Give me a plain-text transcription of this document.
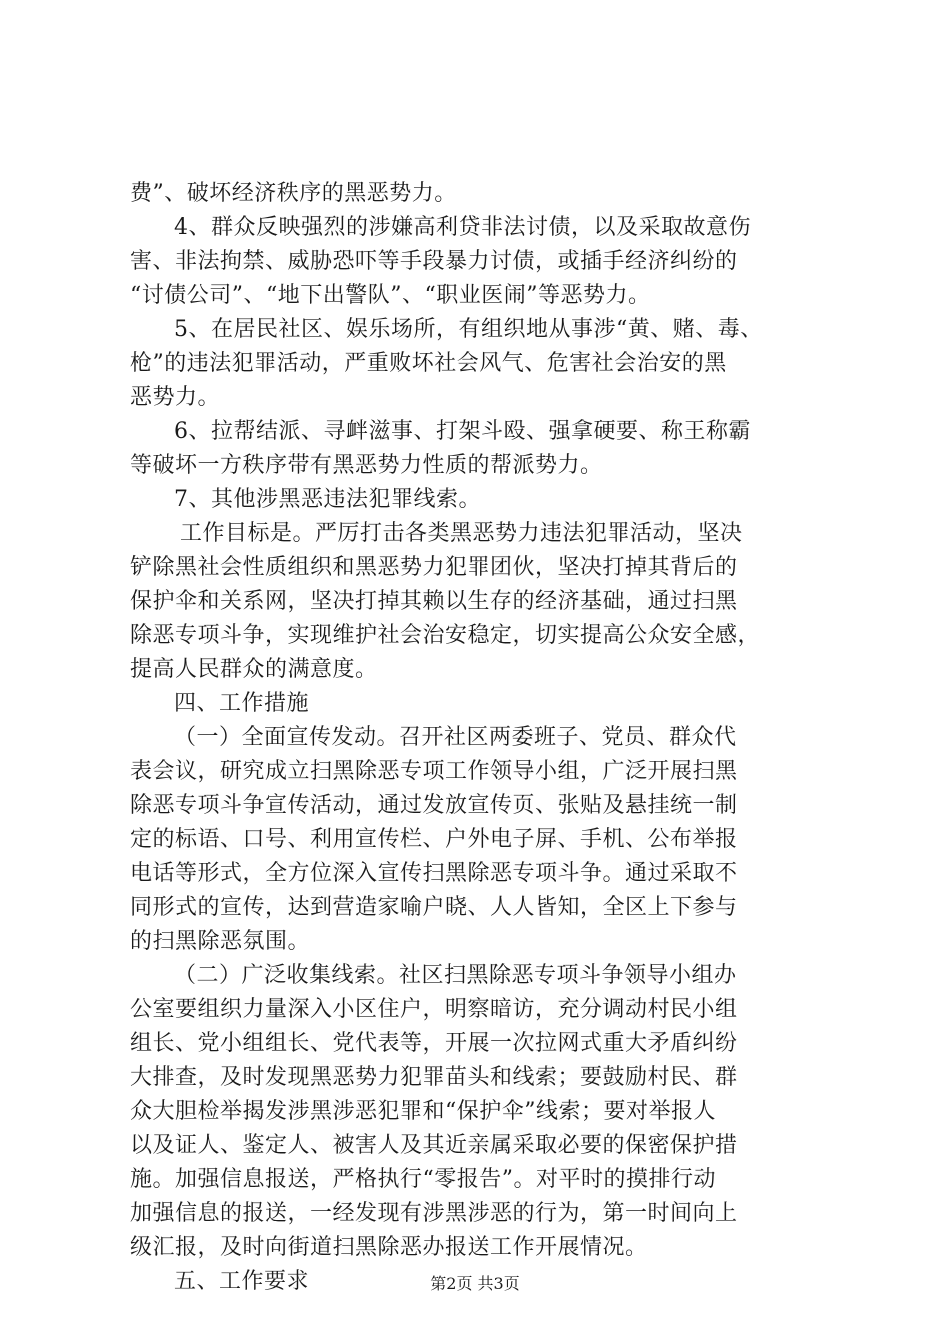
费”、破坏经济秩序的黑恶势力。
4、群众反映强烈的涉嫌高利贷非法讨债，以及采取故意伤
害、非法拘禁、威胁恐吓等手段暴力讨债，或插手经济纠纷的
“讨债公司”、“地下出警队”、“职业医闹”等恶势力。
5、在居民社区、娱乐场所，有组织地从事涉“黄、赌、毒、
枪”的违法犯罪活动，严重败坏社会风气、危害社会治安的黑
恶势力。
6、拉帮结派、寻衅滋事、打架斗殴、强拿硬要、称王称霸
等破坏一方秩序带有黑恶势力性质的帮派势力。
7、其他涉黑恶违法犯罪线索。
工作目标是。严厉打击各类黑恶势力违法犯罪活动，坚决
铲除黑社会性质组织和黑恶势力犯罪团伙，坚决打掉其背后的
保护伞和关系网，坚决打掉其赖以生存的经济基础，通过扫黑
除恶专项斗争，实现维护社会治安稳定，切实提高公众安全感，
提高人民群众的满意度。
四、工作措施
（一）全面宣传发动。召开社区两委班子、党员、群众代
表会议，研究成立扫黑除恶专项工作领导小组，广泛开展扫黑
除恶专项斗争宣传活动，通过发放宣传页、张贴及悬挂统一制
定的标语、口号、利用宣传栏、户外电子屏、手机、公布举报
电话等形式，全方位深入宣传扫黑除恶专项斗争。通过采取不
同形式的宣传，达到营造家喻户晓、人人皆知，全区上下参与
的扫黑除恶氛围。
（二）广泛收集线索。社区扫黑除恶专项斗争领导小组办
公室要组织力量深入小区住户，明察暗访，充分调动村民小组
组长、党小组组长、党代表等，开展一次拉网式重大矛盾纠纷
大排查，及时发现黑恶势力犯罪苗头和线索；要鼓励村民、群
众大胆检举揭发涉黑涉恶犯罪和“保护伞”线索；要对举报人
以及证人、鉴定人、被害人及其近亲属采取必要的保密保护措
施。加强信息报送，严格执行“零报告”。对平时的摸排行动
加强信息的报送，一经发现有涉黑涉恶的行为，第一时间向上
级汇报，及时向街道扫黑除恶办报送工作开展情况。
五、工作要求	第2页 共3页
